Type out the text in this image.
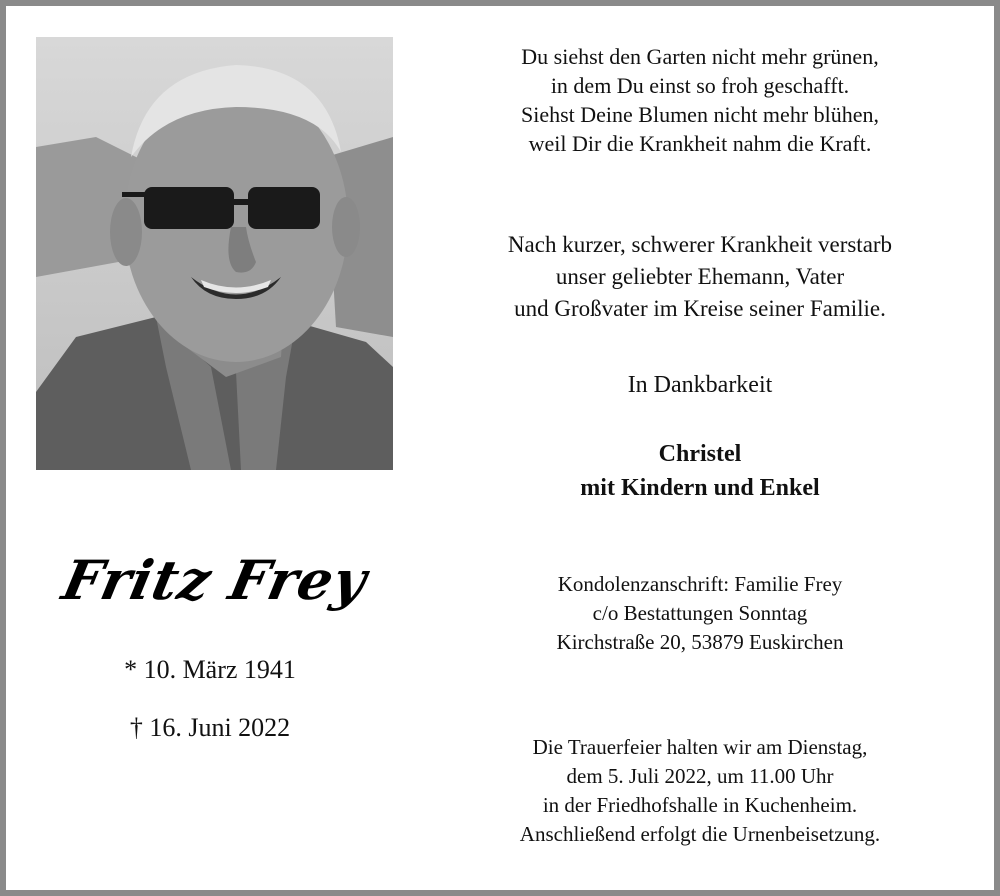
Fritz Frey
* 10. März 1941
† 16. Juni 2022
Du siehst den Garten nicht mehr grünen,
in dem Du einst so froh geschafft.
Siehst Deine Blumen nicht mehr blühen,
weil Dir die Krankheit nahm die Kraft.
Nach kurzer, schwerer Krankheit verstarb
unser geliebter Ehemann, Vater
und Großvater im Kreise seiner Familie.
In Dankbarkeit
Christel
mit Kindern und Enkel
Kondolenzanschrift: Familie Frey
c/o Bestattungen Sonntag
Kirchstraße 20, 53879 Euskirchen
Die Trauerfeier halten wir am Dienstag,
dem 5. Juli 2022, um 11.00 Uhr
in der Friedhofshalle in Kuchenheim.
Anschließend erfolgt die Urnenbeisetzung.
